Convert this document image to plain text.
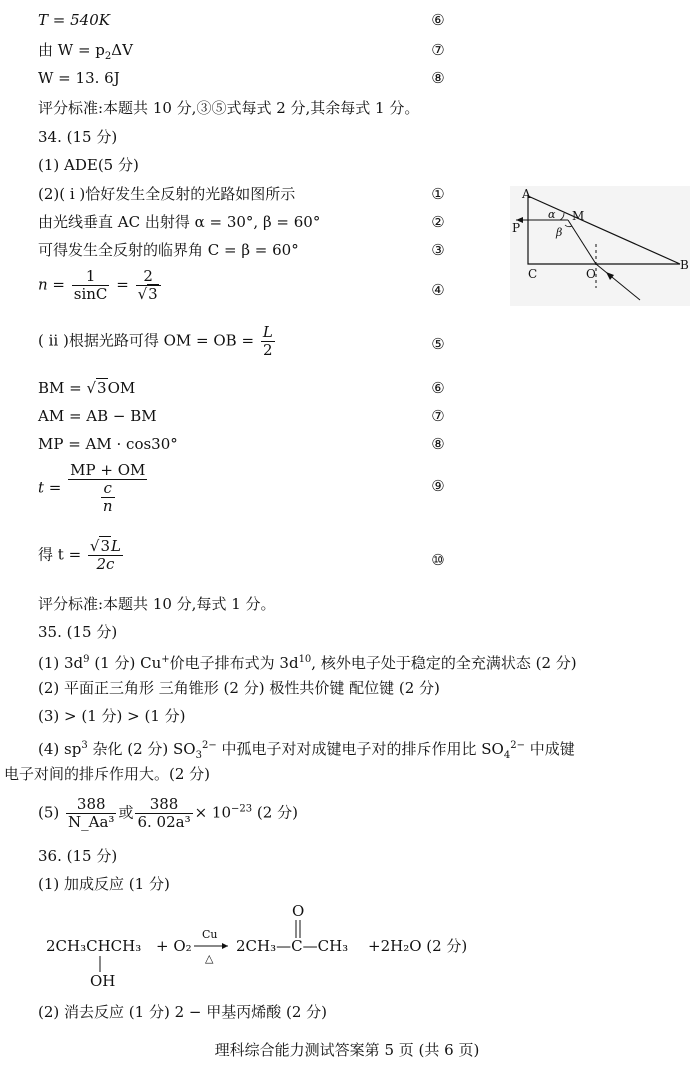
T = 540K	⑥
由 $W = p_2\Delta V$	⑦
W = 13. 6J	⑧
评分标准:本题共 10 分,③⑤式每式 2 分,其余每式 1 分。
34. (15 分)
(1) ADE(5 分)
(2)( ⅰ )恰好发生全反射的光路如图所示	①
由光线垂直 AC 出射得 α = 30°, β = 60°	②
可得发生全反射的临界角 C = β = 60°	③
$n = \frac{1}{\sin C} = \frac{2}{√3}$	④
( ⅱ )根据光路可得 OM = OB = $\frac{L}{2}$	⑤
BM = √3OM	⑥
AM = AB − BM	⑦
MP = AM · cos30°	⑧
$t = \frac{MP + OM}{\frac{c}{n}}$	⑨
得 $t = \frac{√3L}{2c}$	⑩
评分标准:本题共 10 分,每式 1 分。
35. (15 分)
(1) $3d^9$ (1 分) Cu+价电子排布式为 $3d^{10}$, 核外电子处于稳定的全充满状态 (2 分)
(2) 平面正三角形 三角锥形 (2 分) 极性共价键 配位键 (2 分)
(3) > (1 分) > (1 分)
(4) $sp^3$ 杂化 (2 分) $SO_3^{2-}$ 中孤电子对对成键电子对的排斥作用比 $SO_4^{2-}$ 中成键
电子对间的排斥作用大。(2 分)
$(5) \frac{388}{\text{N\_Aa³}}$ 或 $\frac{388}{\text{6. 02a³}} \times 10^{-23}$ (2 分)
36. (15 分)
(1) 加成反应 (1 分)
2CH₃CHCH₃
OH
+ O₂
Cu
△
2CH₃—C—CH₃
O
+2H₂O (2 分)
(2) 消去反应 (1 分) 2 − 甲基丙烯酸 (2 分)
A
B
C
M
O
P
α
β
理科综合能力测试答案第 5 页 (共 6 页)
